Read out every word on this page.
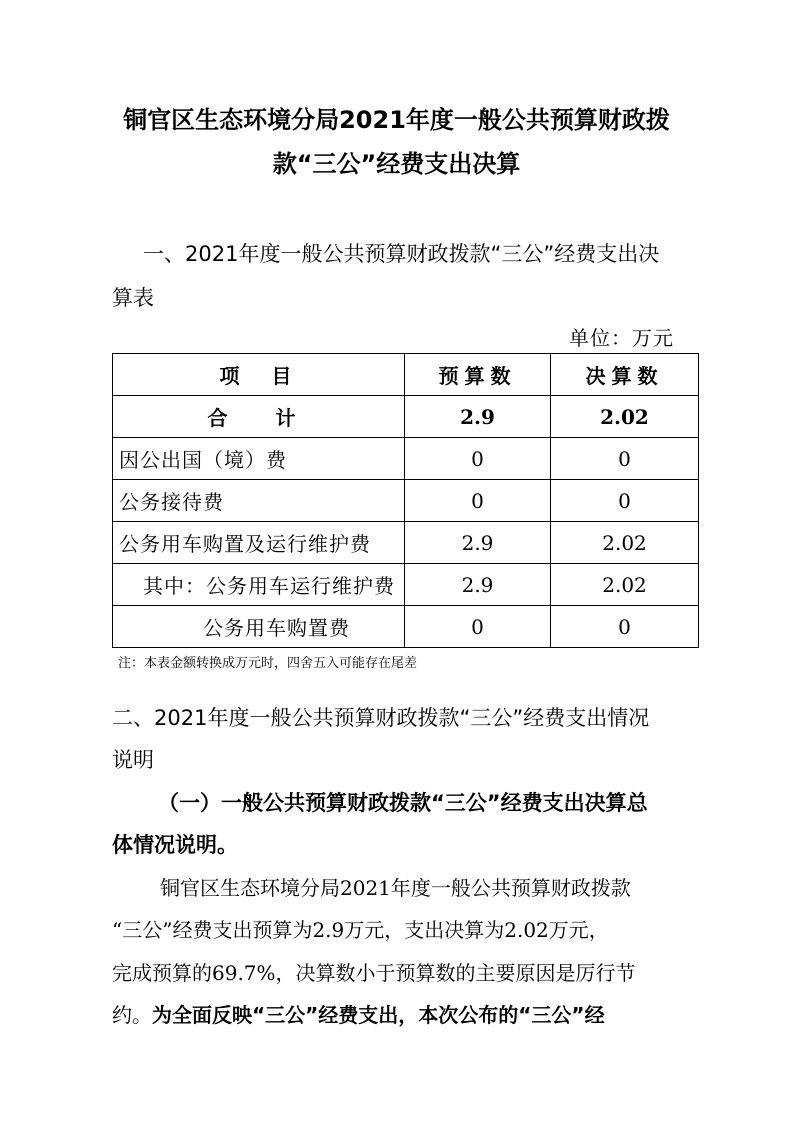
铜官区生态环境分局2021年度一般公共预算财政拨
款“三公”经费支出决算
一、2021年度一般公共预算财政拨款“三公”经费支出决
算表
单位：万元
项　目	预算数	决算数
合　计	2.9	2.02
因公出国（境）费	0	0
公务接待费	0	0
公务用车购置及运行维护费	2.9	2.02
其中：公务用车运行维护费	2.9	2.02
公务用车购置费	0	0
注：本表金额转换成万元时，四舍五入可能存在尾差
二、2021年度一般公共预算财政拨款“三公”经费支出情况
说明
（一）一般公共预算财政拨款“三公”经费支出决算总
体情况说明。
铜官区生态环境分局2021年度一般公共预算财政拨款
“三公”经费支出预算为2.9万元，支出决算为2.02万元，
完成预算的69.7%，决算数小于预算数的主要原因是厉行节
约。为全面反映“三公”经费支出，本次公布的“三公”经
